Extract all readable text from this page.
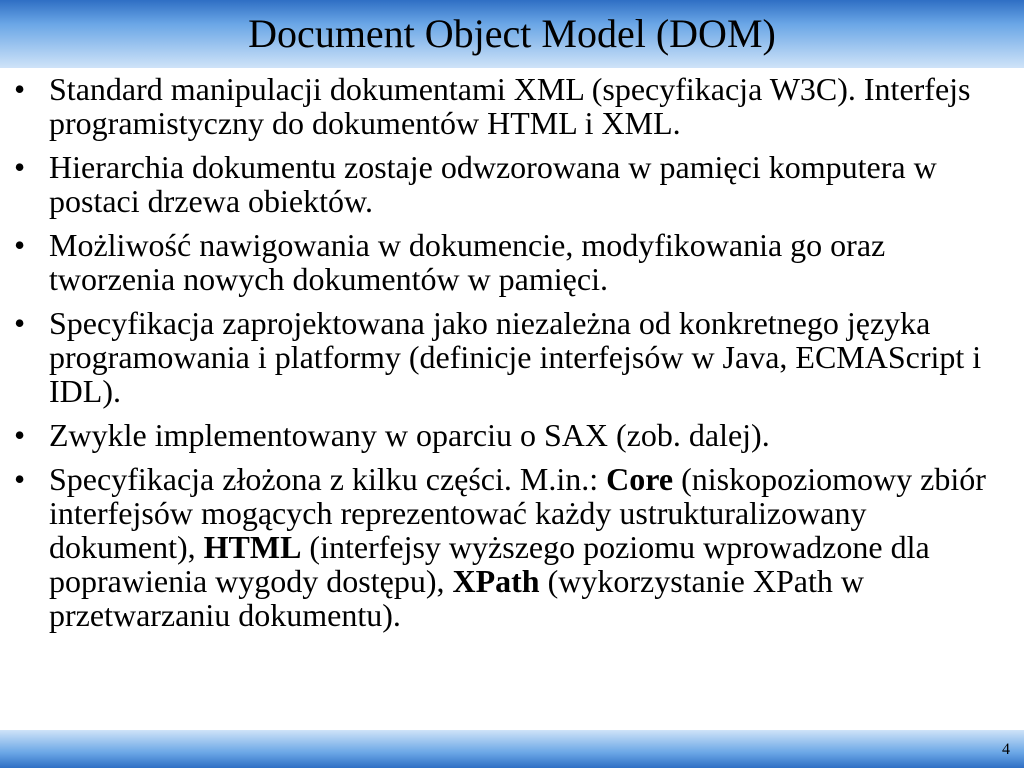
Document Object Model (DOM)
• Standard manipulacji dokumentami XML (specyfikacja W3C). Interfejs programistyczny do dokumentów HTML i XML.
• Hierarchia dokumentu zostaje odwzorowana w pamięci komputera w postaci drzewa obiektów.
• Możliwość nawigowania w dokumencie, modyfikowania go oraz tworzenia nowych dokumentów w pamięci.
• Specyfikacja zaprojektowana jako niezależna od konkretnego języka programowania i platformy (definicje interfejsów w Java, ECMAScript i IDL).
• Zwykle implementowany w oparciu o SAX (zob. dalej).
• Specyfikacja złożona z kilku części. M.in.: Core (niskopoziomowy zbiór interfejsów mogących reprezentować każdy ustrukturalizowany dokument), HTML (interfejsy wyższego poziomu wprowadzone dla poprawienia wygody dostępu), XPath (wykorzystanie XPath w przetwarzaniu dokumentu).
4
